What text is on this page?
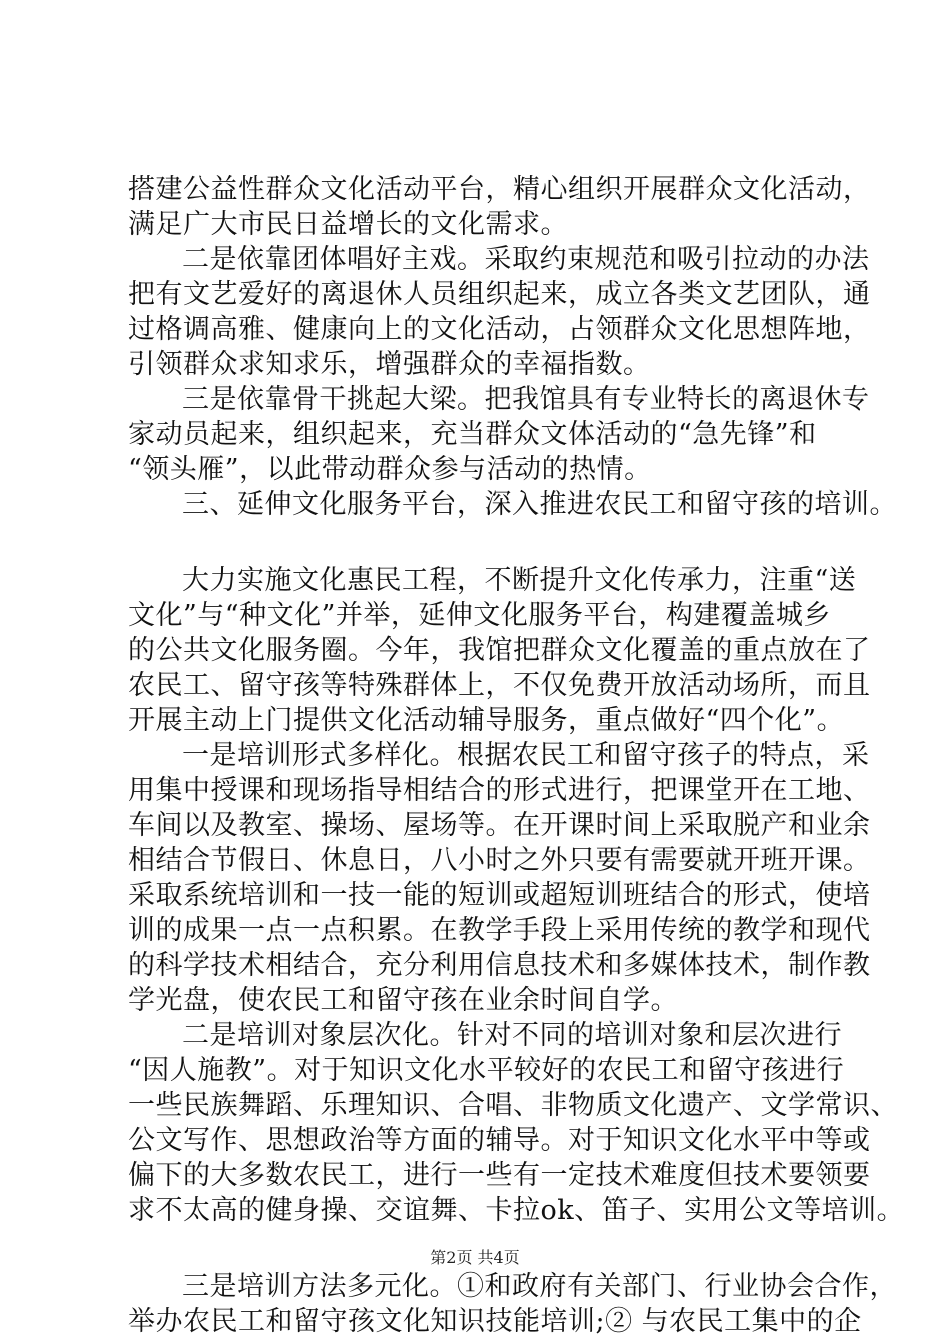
搭建公益性群众文化活动平台，精心组织开展群众文化活动，
满足广大市民日益增长的文化需求。
二是依靠团体唱好主戏。采取约束规范和吸引拉动的办法
把有文艺爱好的离退休人员组织起来，成立各类文艺团队，通
过格调高雅、健康向上的文化活动，占领群众文化思想阵地，
引领群众求知求乐，增强群众的幸福指数。
三是依靠骨干挑起大梁。把我馆具有专业特长的离退休专
家动员起来，组织起来，充当群众文体活动的“急先锋”和
“领头雁”，以此带动群众参与活动的热情。
三、延伸文化服务平台，深入推进农民工和留守孩的培训。
大力实施文化惠民工程，不断提升文化传承力，注重“送
文化”与“种文化”并举，延伸文化服务平台，构建覆盖城乡
的公共文化服务圈。今年，我馆把群众文化覆盖的重点放在了
农民工、留守孩等特殊群体上，不仅免费开放活动场所，而且
开展主动上门提供文化活动辅导服务，重点做好“四个化”。
一是培训形式多样化。根据农民工和留守孩子的特点，采
用集中授课和现场指导相结合的形式进行，把课堂开在工地、
车间以及教室、操场、屋场等。在开课时间上采取脱产和业余
相结合节假日、休息日，八小时之外只要有需要就开班开课。
采取系统培训和一技一能的短训或超短训班结合的形式，使培
训的成果一点一点积累。在教学手段上采用传统的教学和现代
的科学技术相结合，充分利用信息技术和多媒体技术，制作教
学光盘，使农民工和留守孩在业余时间自学。
二是培训对象层次化。针对不同的培训对象和层次进行
“因人施教”。对于知识文化水平较好的农民工和留守孩进行
一些民族舞蹈、乐理知识、合唱、非物质文化遗产、文学常识、
公文写作、思想政治等方面的辅导。对于知识文化水平中等或
偏下的大多数农民工，进行一些有一定技术难度但技术要领要
求不太高的健身操、交谊舞、卡拉ok、笛子、实用公文等培训。
三是培训方法多元化。①和政府有关部门、行业协会合作，
举办农民工和留守孩文化知识技能培训;② 与农民工集中的企
第2页 共4页
